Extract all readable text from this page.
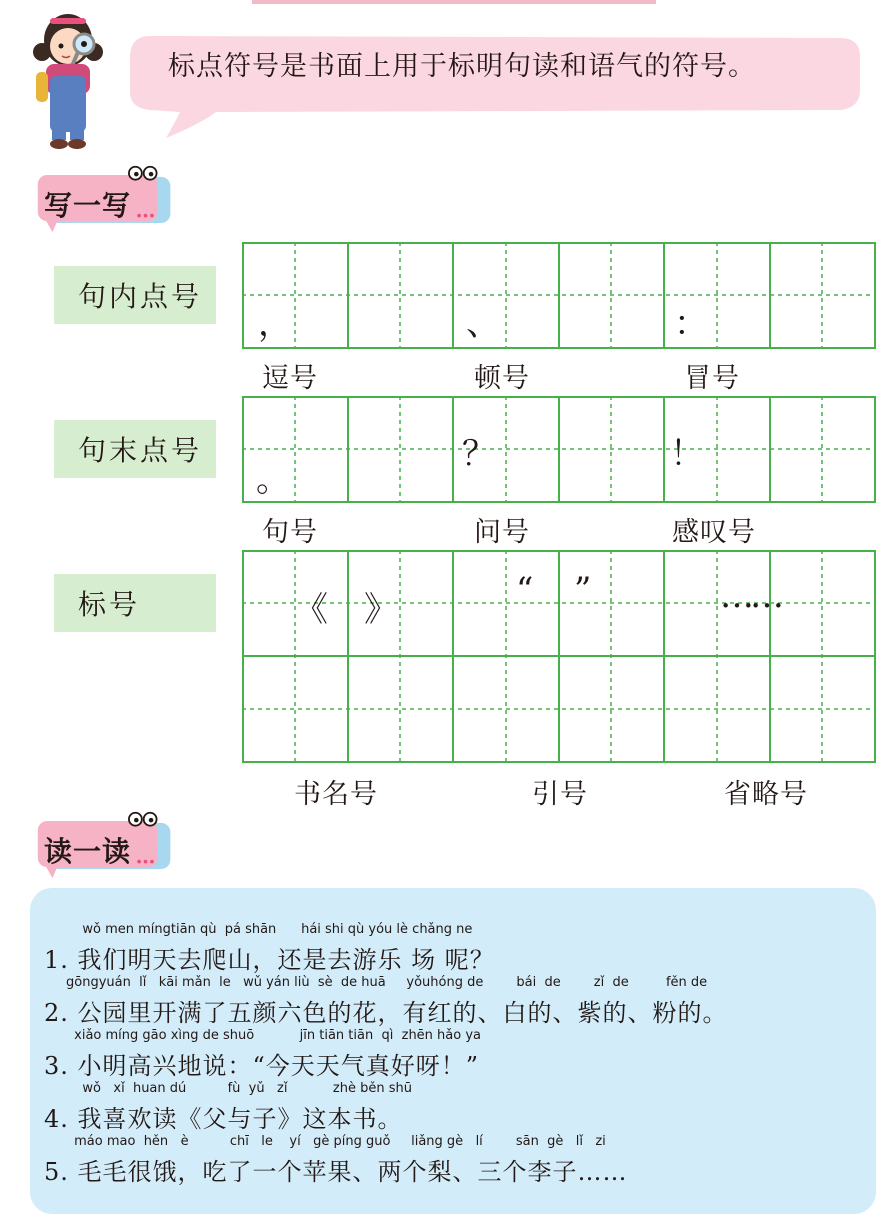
标点符号是书面上用于标明句读和语气的符号。
写一写
句内点号
句末点号
标号
，	、	：
逗号	顿号	冒号
。
？	！
句号	问号	感叹号
《 》	“ ”	……
书名号	引号	省略号
读一读
wǒ men míngtiān qù  pá shān      hái shi qù yóu lè chǎng ne
1. 我们明天去爬山，还是去游乐 场 呢？
gōngyuán  lǐ   kāi mǎn  le   wǔ yán liù  sè  de huā     yǒuhóng de        bái  de        zǐ  de         fěn de
2. 公园里开满了五颜六色的花，有红的、白的、紫的、粉的。
xiǎo míng gāo xìng de shuō           jīn tiān tiān  qì  zhēn hǎo ya
3. 小明高兴地说：“今天天气真好呀！”
wǒ   xǐ  huan dú          fù  yǔ   zǐ           zhè běn shū
4. 我喜欢读《父与子》这本书。
máo mao  hěn   è          chī   le    yí   gè píng guǒ     liǎng gè   lí        sān  gè   lǐ   zi
5. 毛毛很饿，吃了一个苹果、两个梨、三个李子……
